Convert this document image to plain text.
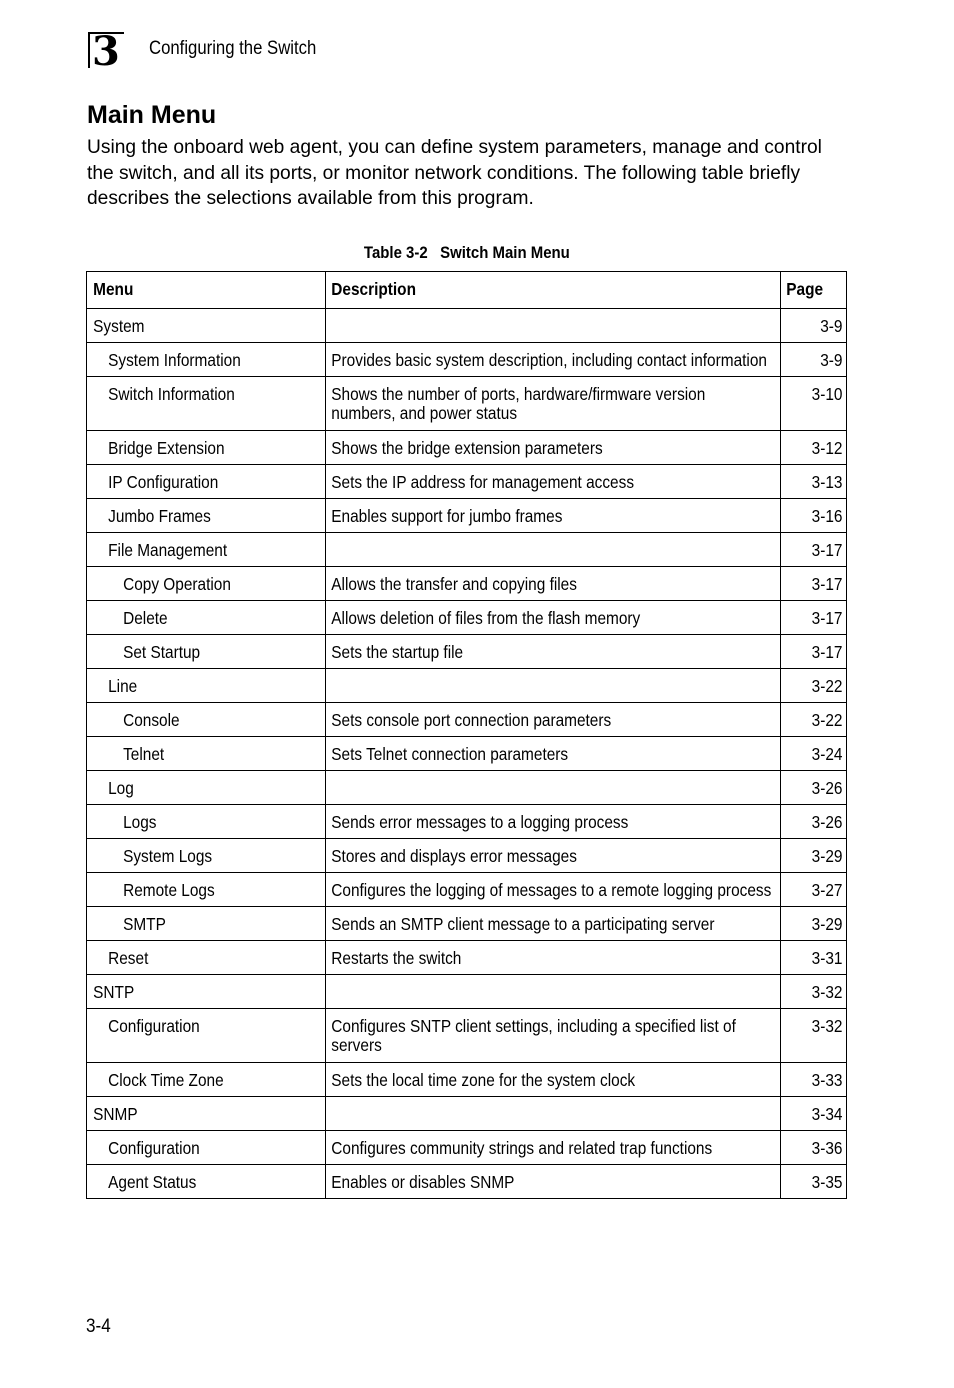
3 Configuring the Switch
Main Menu

Using the onboard web agent, you can define system parameters, manage and control the switch, and all its ports, or monitor network conditions. The following table briefly describes the selections available from this program.

Table 3-2   Switch Main Menu
Menu	Description	Page

System		3-9

System Information	Provides basic system description, including contact information	3-9

Switch Information	Shows the number of ports, hardware/firmware version numbers, and power status	3-10

Bridge Extension	Shows the bridge extension parameters	3-12

IP Configuration	Sets the IP address for management access	3-13

Jumbo Frames	Enables support for jumbo frames	3-16

File Management		3-17

Copy Operation	Allows the transfer and copying files	3-17

Delete	Allows deletion of files from the flash memory	3-17

Set Startup	Sets the startup file	3-17

Line		3-22

Console	Sets console port connection parameters	3-22

Telnet	Sets Telnet connection parameters	3-24

Log		3-26

Logs	Sends error messages to a logging process	3-26

System Logs	Stores and displays error messages	3-29

Remote Logs	Configures the logging of messages to a remote logging process	3-27

SMTP	Sends an SMTP client message to a participating server	3-29

Reset	Restarts the switch	3-31

SNTP		3-32

Configuration	Configures SNTP client settings, including a specified list of servers	3-32

Clock Time Zone	Sets the local time zone for the system clock	3-33

SNMP		3-34

Configuration	Configures community strings and related trap functions	3-36

Agent Status	Enables or disables SNMP	3-35
3-4
